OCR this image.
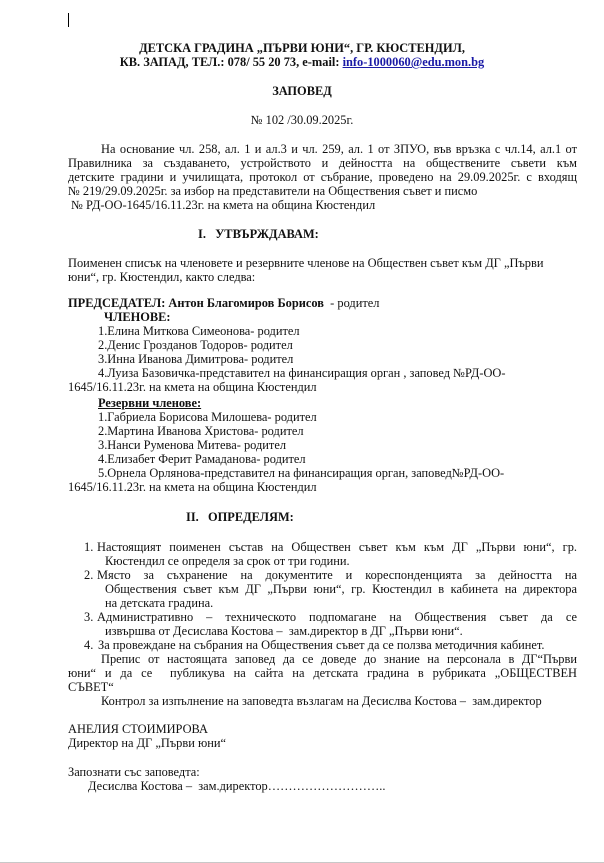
ДЕТСКА ГРАДИНА „ПЪРВИ ЮНИ“, ГР. КЮСТЕНДИЛ,
КВ. ЗАПАД, ТЕЛ.: 078/ 55 20 73, e-mail: info-1000060@edu.mon.bg
ЗАПОВЕД
№ 102 /30.09.2025г.
На основание чл. 258, ал. 1 и ал.3 и чл. 259, ал. 1 от ЗПУО, във връзка с чл.14, ал.1 от
Правилника за създаването, устройството и дейността на обществените съвети към
детските градини и училищата, протокол от събрание, проведено на 29.09.2025г. с входящ
№ 219/29.09.2025г. за избор на представители на Обществения съвет и писмо
№ РД-ОО-1645/16.11.23г. на кмета на община Кюстендил
I.   УТВЪРЖДАВАМ:
Поименен списък на членовете и резервните членове на Обществен съвет към ДГ „Първи
юни“, гр. Кюстендил, както следва:
ПРЕДСЕДАТЕЛ: Антон Благомиров Борисов  - родител
ЧЛЕНОВЕ:
1.Елина Миткова Симеонова- родител
2.Денис Грозданов Тодоров- родител
3.Инна Иванова Димитрова- родител
4.Луиза Базовичка-представител на финансиращия орган , заповед №РД-ОО-
1645/16.11.23г. на кмета на община Кюстендил
Резервни членове:
1.Габриела Борисова Милошева- родител
2.Мартина Иванова Христова- родител
3.Нанси Руменова Митева- родител
4.Елизабет Ферит Рамаданова- родител
5.Орнела Орлянова-представител на финансиращия орган, заповед№РД-ОО-
1645/16.11.23г. на кмета на община Кюстендил
II.   ОПРЕДЕЛЯМ:
1. Настоящият поименен състав на Обществен съвет към към ДГ „Първи юни“, гр.
Кюстендил се определя за срок от три години.
2. Място за съхранение на документите и кореспонденцията за дейността на
Обществения съвет към ДГ „Първи юни“, гр. Кюстендил в кабинета на директора
на детската градина.
3. Административно – техническото подпомагане на Обществения съвет да се
извършва от Десислава Костова –  зам.директор в ДГ „Първи юни“.
4. За провеждане на събрания на Обществения съвет да се ползва методичния кабинет.
Препис от настоящата заповед да се доведе до знание на персонала в ДГ“Първи
юни“ и да се  публикува на сайта на детската градина в рубриката „ОБЩЕСТВЕН
СЪВЕТ“
Контрол за изпълнение на заповедта възлагам на Десислва Костова –  зам.директор
АНЕЛИЯ СТОИМИРОВА
Директор на ДГ „Първи юни“
Запознати със заповедта:
Десислва Костова –  зам.директор………………………..
